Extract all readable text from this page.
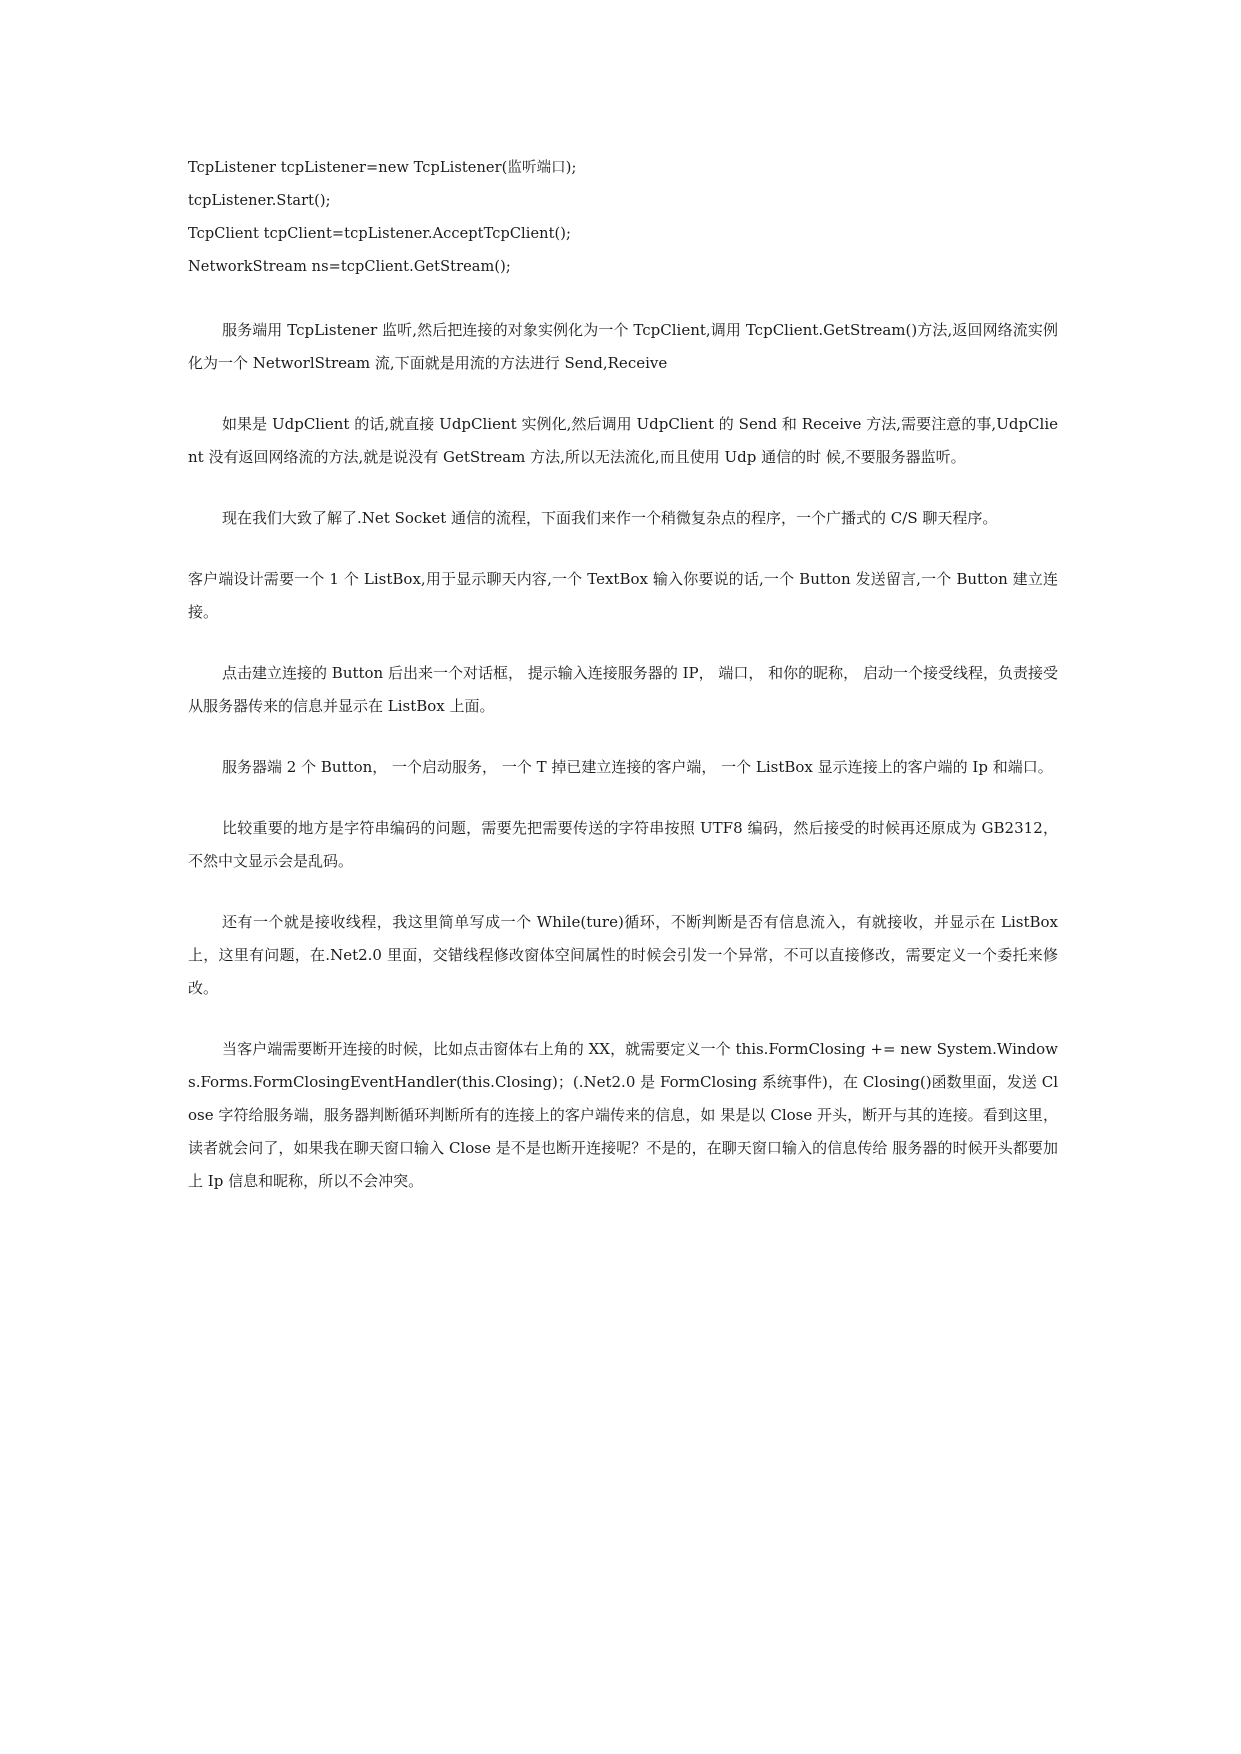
TcpListener tcpListener=new TcpListener(监听端口);
tcpListener.Start();
TcpClient tcpClient=tcpListener.AcceptTcpClient();
NetworkStream ns=tcpClient.GetStream();

服务端用 TcpListener 监听,然后把连接的对象实例化为一个 TcpClient,调用 TcpClient.GetStream()方法,返回网络流实例化为一个 NetworlStream 流,下面就是用流的方法进行 Send,Receive

如果是 UdpClient 的话,就直接 UdpClient 实例化,然后调用 UdpClient 的 Send 和 Receive 方法,需要注意的事,UdpClient 没有返回网络流的方法,就是说没有 GetStream 方法,所以无法流化,而且使用 Udp 通信的时 候,不要服务器监听。

现在我们大致了解了.Net Socket 通信的流程，下面我们来作一个稍微复杂点的程序，一个广播式的 C/S 聊天程序。

客户端设计需要一个 1 个 ListBox,用于显示聊天内容,一个 TextBox 输入你要说的话,一个 Button 发送留言,一个 Button 建立连接。

点击建立连接的 Button 后出来一个对话框， 提示输入连接服务器的 IP， 端口， 和你的昵称， 启动一个接受线程，负责接受从服务器传来的信息并显示在 ListBox 上面。

服务器端 2 个 Button， 一个启动服务， 一个 T 掉已建立连接的客户端， 一个 ListBox 显示连接上的客户端的 Ip 和端口。

比较重要的地方是字符串编码的问题，需要先把需要传送的字符串按照 UTF8 编码，然后接受的时候再还原成为 GB2312，不然中文显示会是乱码。

还有一个就是接收线程，我这里简单写成一个 While(ture)循环，不断判断是否有信息流入，有就接收，并显示在 ListBox 上，这里有问题，在.Net2.0 里面，交错线程修改窗体空间属性的时候会引发一个异常，不可以直接修改，需要定义一个委托来修改。

当客户端需要断开连接的时候，比如点击窗体右上角的 XX，就需要定义一个 this.FormClosing += new System.Windows.Forms.FormClosingEventHandler(this.Closing)；(.Net2.0 是 FormClosing 系统事件)，在 Closing()函数里面，发送 Close 字符给服务端，服务器判断循环判断所有的连接上的客户端传来的信息，如 果是以 Close 开头，断开与其的连接。看到这里，读者就会问了，如果我在聊天窗口输入 Close 是不是也断开连接呢？不是的，在聊天窗口输入的信息传给 服务器的时候开头都要加上 Ip 信息和昵称，所以不会冲突。
